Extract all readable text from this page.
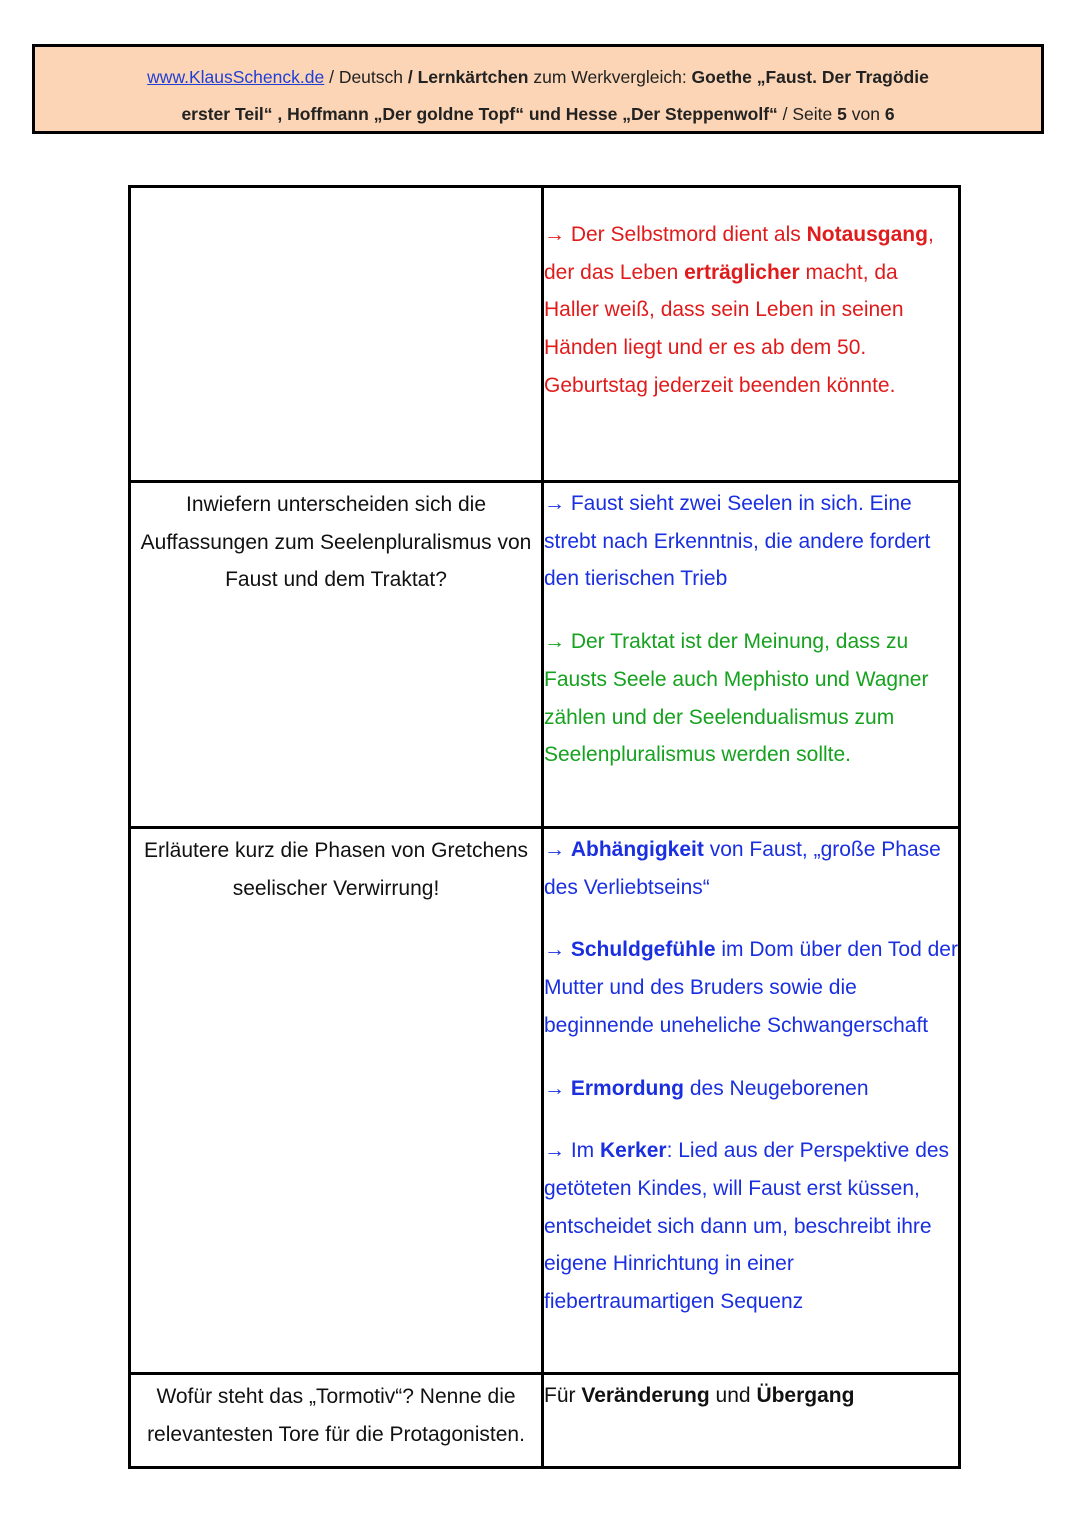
www.KlausSchenck.de / Deutsch / Lernkärtchen zum Werkvergleich: Goethe „Faust. Der Tragödie
erster Teil“ , Hoffmann „Der goldne Topf“ und Hesse „Der Steppenwolf“ / Seite 5 von 6

	→ Der Selbstmord dient als Notausgang, der das Leben erträglicher macht, da Haller weiß, dass sein Leben in seinen Händen liegt und er es ab dem 50. Geburtstag jederzeit beenden könnte.

Inwiefern unterscheiden sich die Auffassungen zum Seelenpluralismus von Faust und dem Traktat?	→ Faust sieht zwei Seelen in sich. Eine strebt nach Erkenntnis, die andere fordert den tierischen Trieb

→ Der Traktat ist der Meinung, dass zu Fausts Seele auch Mephisto und Wagner zählen und der Seelendualismus zum Seelenpluralismus werden sollte.

Erläutere kurz die Phasen von Gretchens seelischer Verwirrung!	→ Abhängigkeit von Faust, „große Phase des Verliebtseins“

→ Schuldgefühle im Dom über den Tod der Mutter und des Bruders sowie die beginnende uneheliche Schwangerschaft

→ Ermordung des Neugeborenen

→ Im Kerker: Lied aus der Perspektive des getöteten Kindes, will Faust erst küssen, entscheidet sich dann um, beschreibt ihre eigene Hinrichtung in einer fiebertraumartigen Sequenz

Wofür steht das „Tormotiv“? Nenne die relevantesten Tore für die Protagonisten.	Für Veränderung und Übergang
